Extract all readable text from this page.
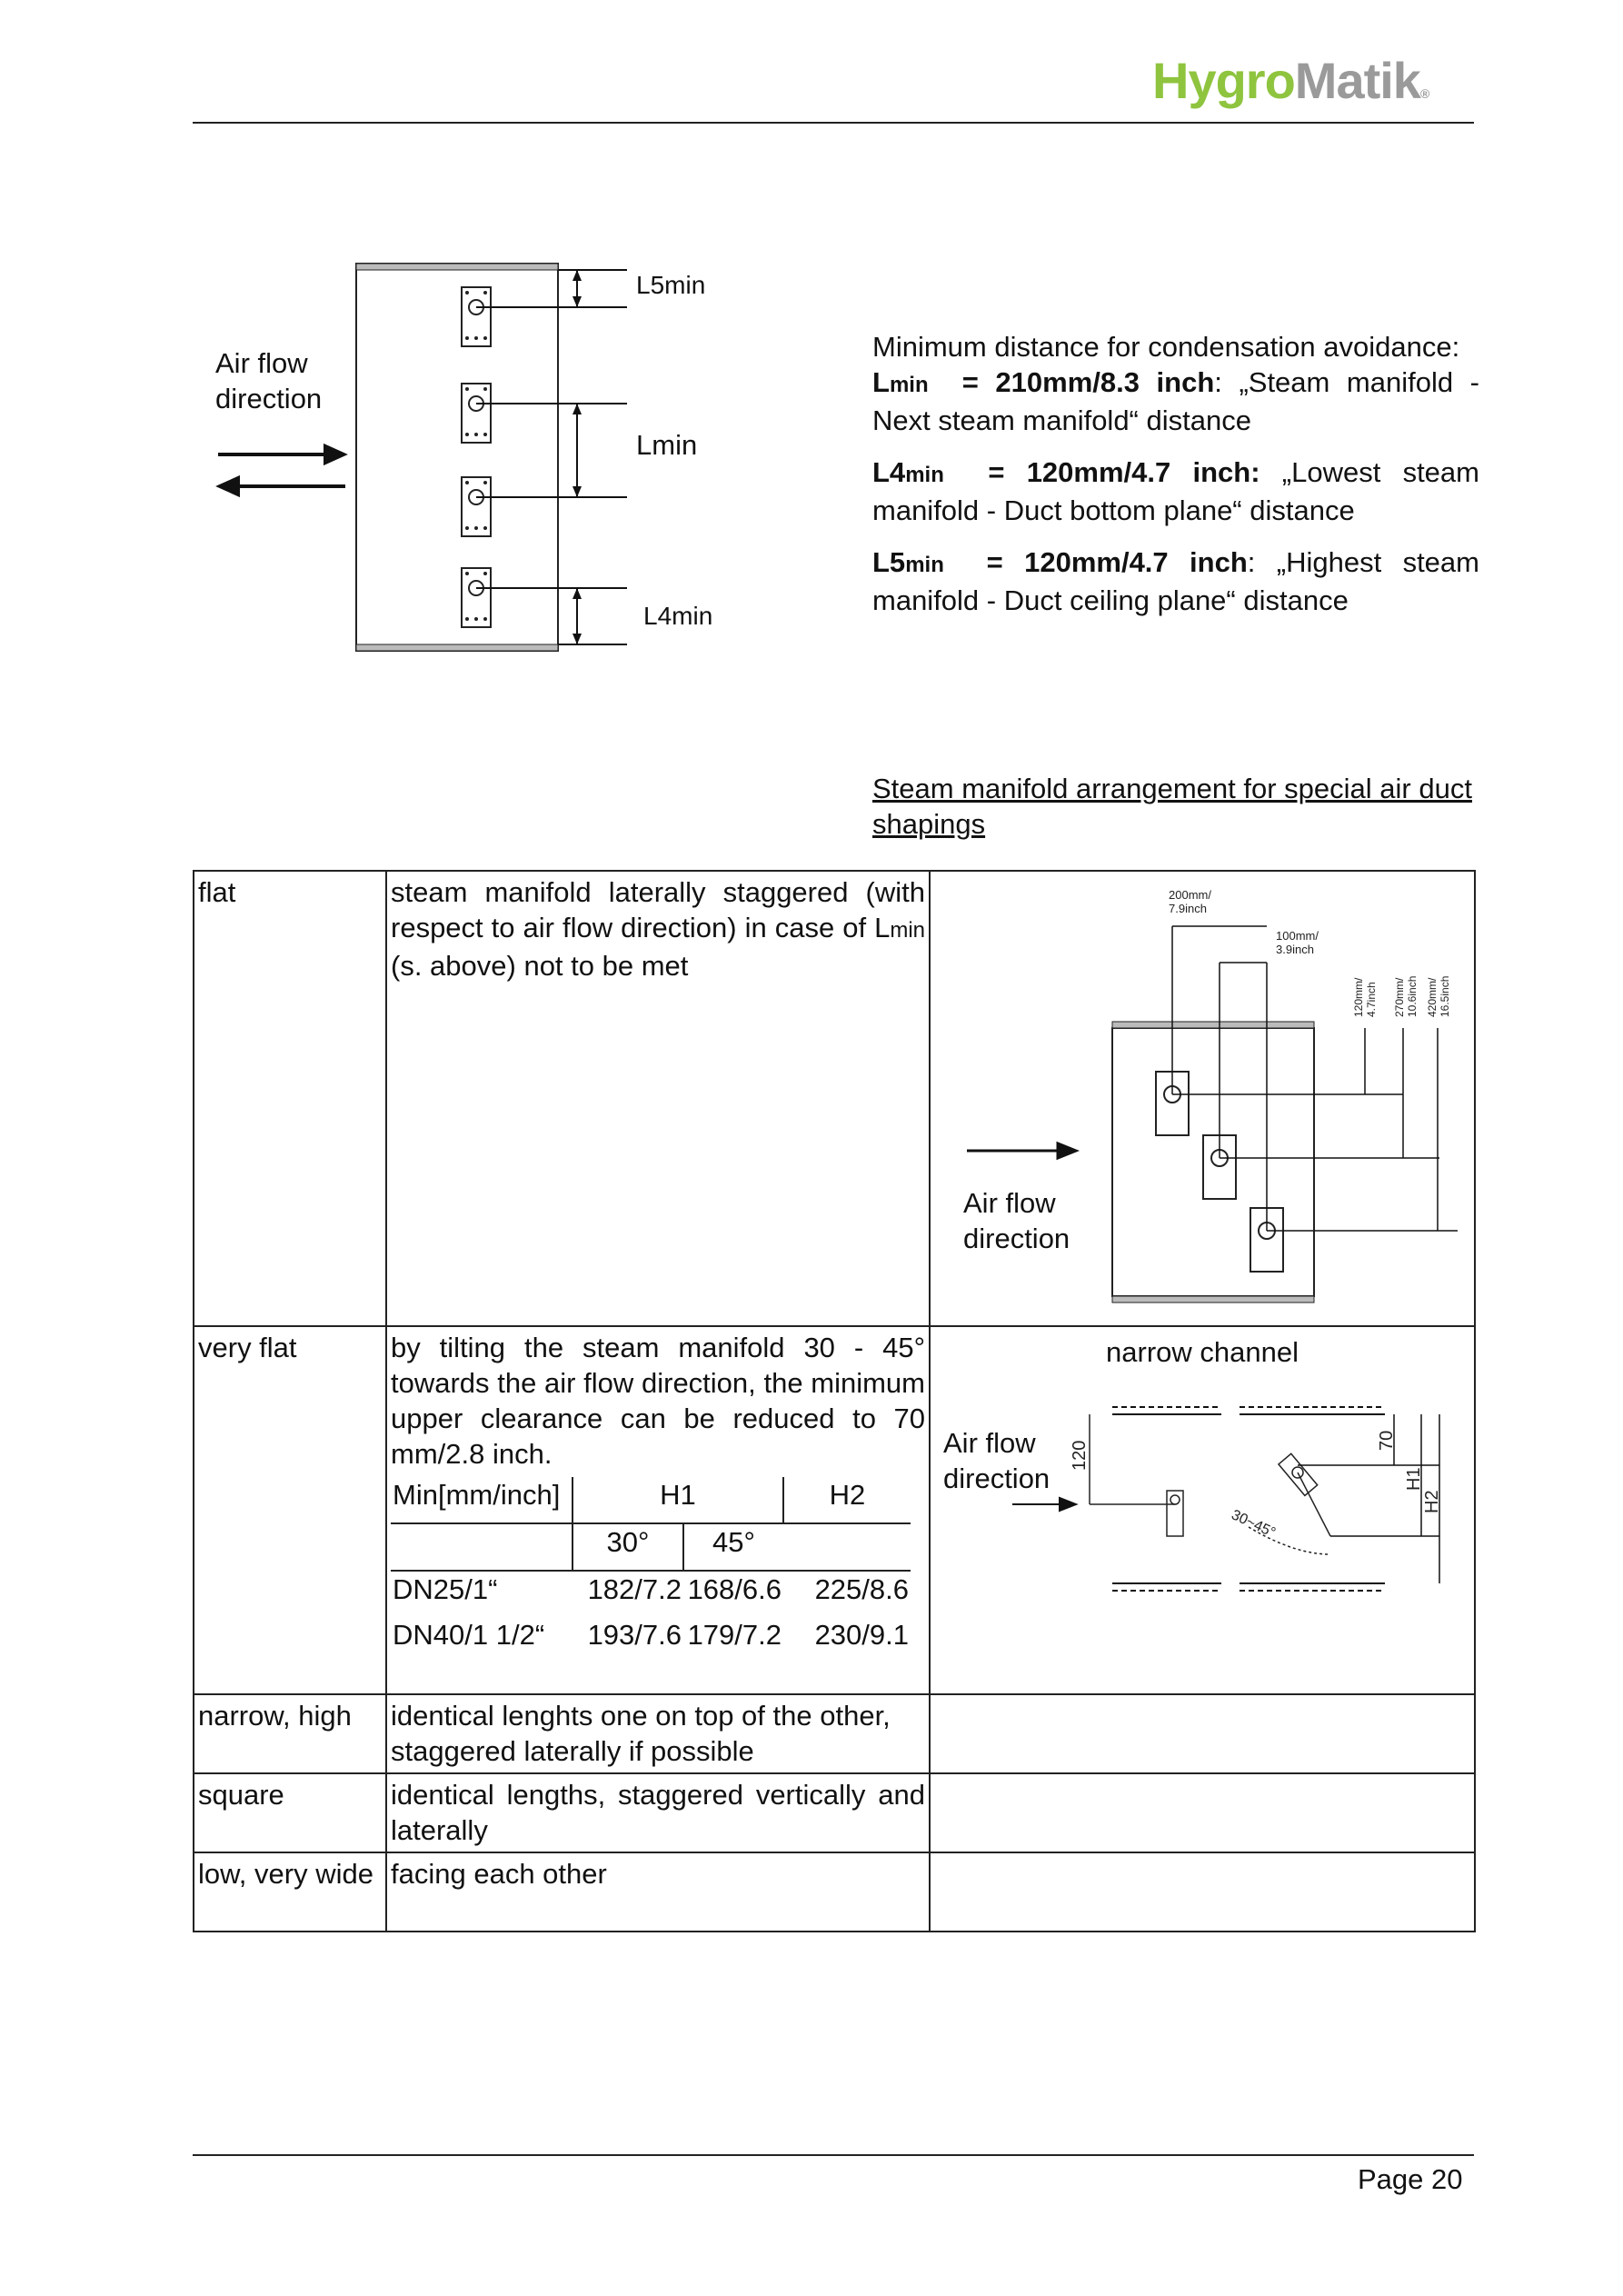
HygroMatik®
Air flow
direction
L5min
Lmin
L4min
Minimum distance for condensation avoidance:

Lmin = 210mm/8.3 inch: „Steam manifold - Next steam manifold“ distance

L4min = 120mm/4.7 inch: „Lowest steam manifold - Duct bottom plane“ distance

L5min = 120mm/4.7 inch: „Highest steam manifold - Duct ceiling plane“ distance

Steam manifold arrangement for special air duct shapings
flat	steam manifold laterally staggered (with respect to air flow direction) in case of Lmin (s. above) not to be met	
200mm/
7.9inch
100mm/
3.9inch
120mm/ 4.7inch 270mm/ 10.6inch 420mm/ 16.5inch
Air flow
direction

very flat	by tilting the steam manifold 30 - 45° towards the air flow direction, the minimum upper clearance can be reduced to 70 mm/2.8 inch.
Min[mm/inch]	H1	H2
	30°	45°	
DN25/1“	182/7.2	168/6.6	225/8.6
DN40/1 1/2“	193/7.6	179/7.2	230/9.1

narrow channel
Air flow
direction
120	70
H1
H2
30~45°

narrow, high	identical lenghts one on top of the other, staggered laterally if possible	
square	identical lengths, staggered vertically and laterally	
low, very wide	facing each other	
Page 20
